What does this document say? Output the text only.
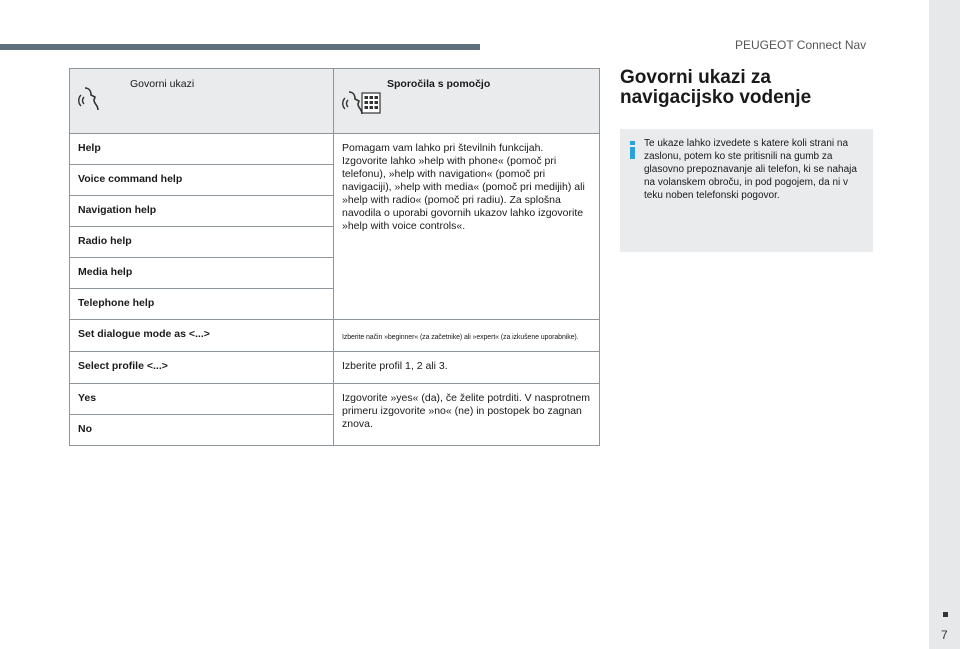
PEUGEOT Connect Nav
7
Govorni ukazi	Sporočila s pomočjo

Help	Pomagam vam lahko pri številnih funkcijah. Izgovorite lahko »help with phone« (pomoč pri telefonu), »help with navigation« (pomoč pri navigaciji), »help with media« (pomoč pri medijih) ali »help with radio« (pomoč pri radiu). Za splošna navodila o uporabi govornih ukazov lahko izgovorite »help with voice controls«.
Voice command help	
Navigation help	
Radio help	
Media help	
Telephone help	
Set dialogue mode as <...>	Izberite način »beginner« (za začetnike) ali »expert« (za izkušene uporabnike).
Select profile <...>	Izberite profil 1, 2 ali 3.
Yes	Izgovorite »yes« (da), če želite potrditi. V nasprotnem primeru izgovorite »no« (ne) in postopek bo zagnan znova.
No	
Govorni ukazi za navigacijsko vodenje

Te ukaze lahko izvedete s katere koli strani na zaslonu, potem ko ste pritisnili na gumb za glasovno prepoznavanje ali telefon, ki se nahaja na volanskem obroču, in pod pogojem, da ni v teku noben telefonski pogovor.
